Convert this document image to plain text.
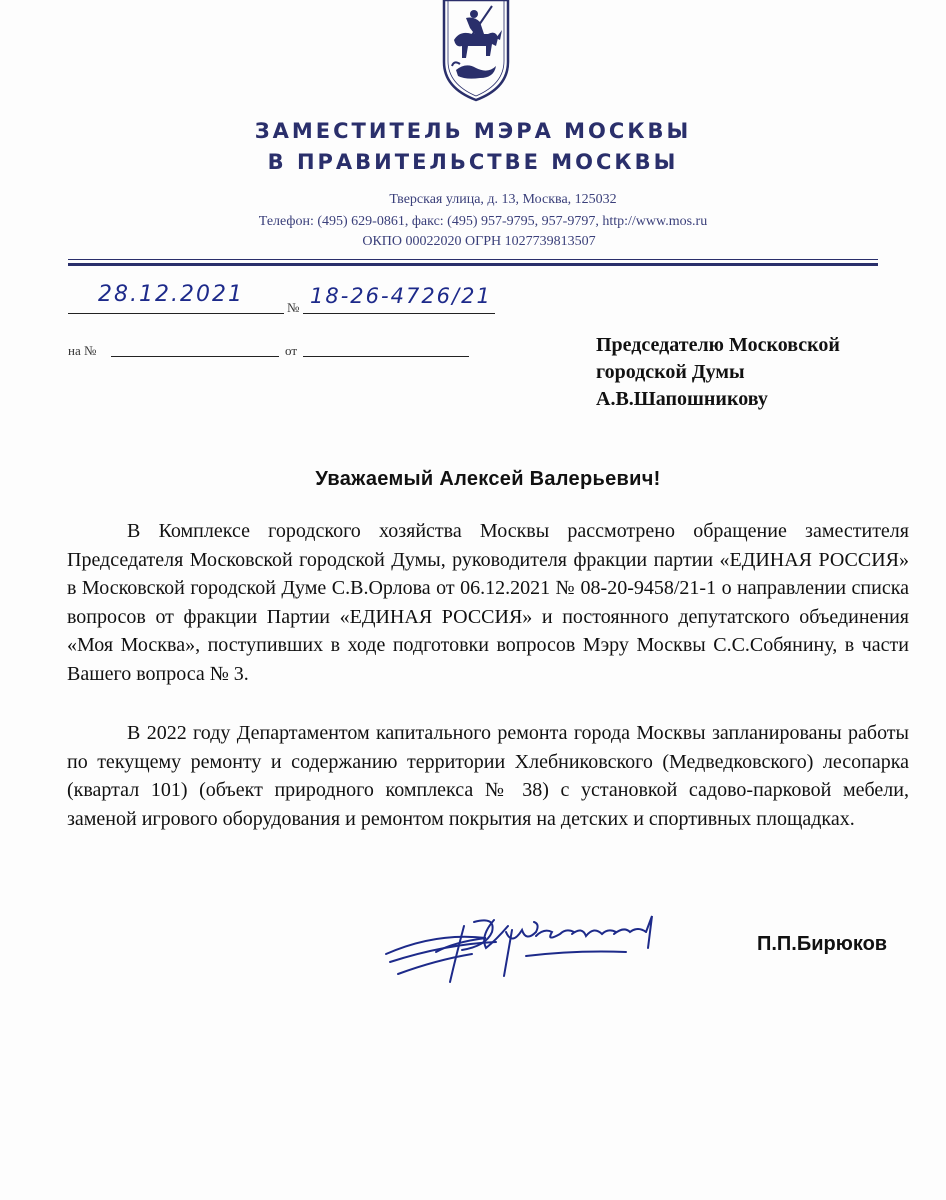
ЗАМЕСТИТЕЛЬ МЭРА МОСКВЫ
В ПРАВИТЕЛЬСТВЕ МОСКВЫ
Тверская улица, д. 13, Москва, 125032
Телефон: (495) 629-0861, факс: (495) 957-9795, 957-9797, http://www.mos.ru
ОКПО 00022020 ОГРН 1027739813507
28.12.2021
№ 18-26-4726/21
на №	от	Председателю Московской
городской Думы
А.В.Шапошникову
Уважаемый Алексей Валерьевич!
В Комплексе городского хозяйства Москвы рассмотрено обращение заместителя Председателя Московской городской Думы, руководителя фракции партии «ЕДИНАЯ РОССИЯ» в Московской городской Думе С.В.Орлова от 06.12.2021 № 08-20-9458/21-1 о направлении списка вопросов от фракции Партии «ЕДИНАЯ РОССИЯ» и постоянного депутатского объединения «Моя Москва», поступивших в ходе подготовки вопросов Мэру Москвы С.С.Собянину, в части Вашего вопроса № 3.
В 2022 году Департаментом капитального ремонта города Москвы запланированы работы по текущему ремонту и содержанию территории Хлебниковского (Медведковского) лесопарка (квартал 101) (объект природного комплекса № 38) с установкой садово-парковой мебели, заменой игрового оборудования и ремонтом покрытия на детских и спортивных площадках.
П.П.Бирюков
